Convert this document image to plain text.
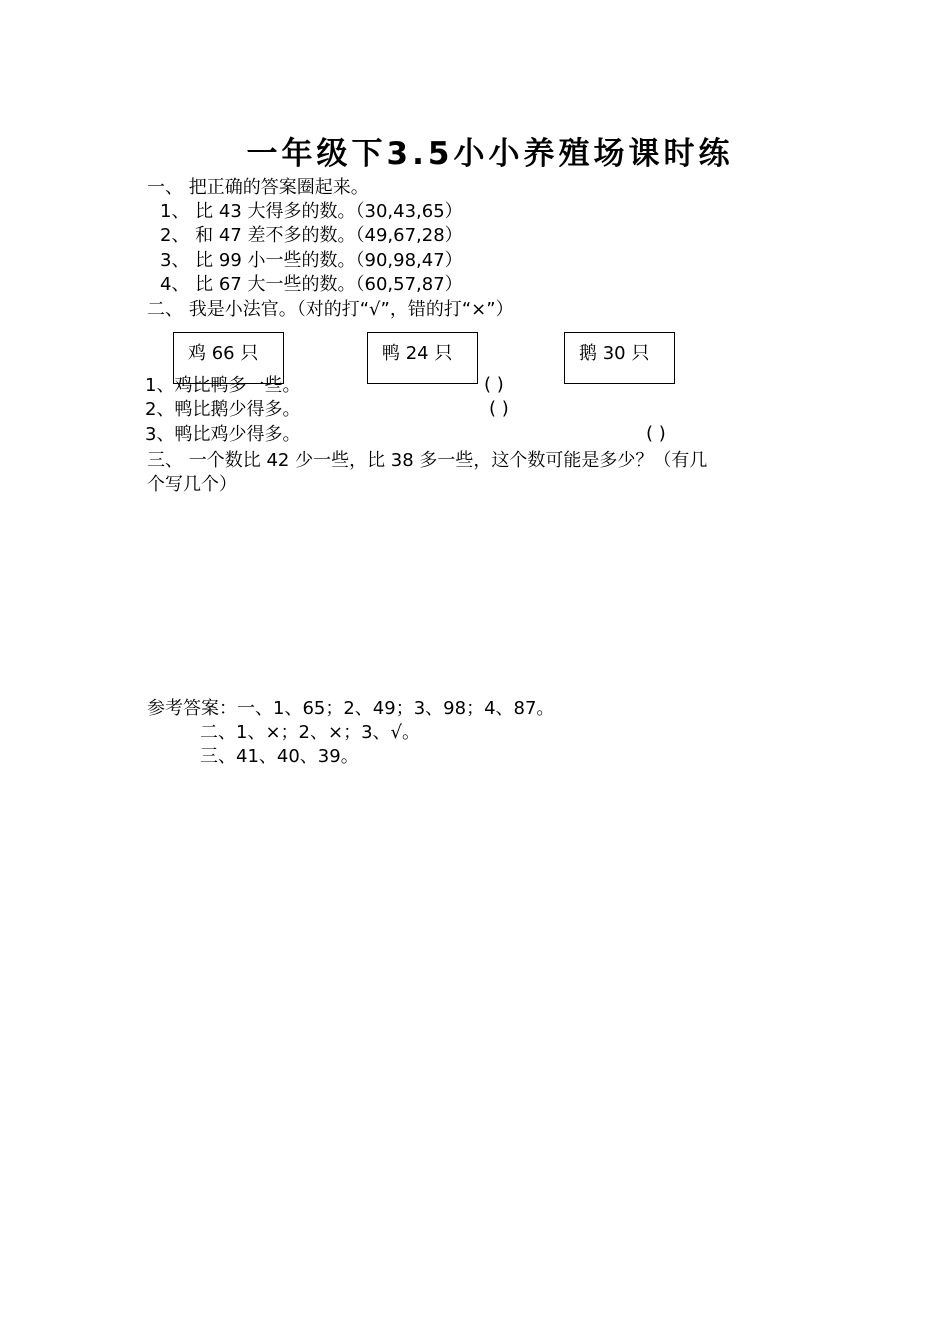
一年级下3.5小小养殖场课时练
一、 把正确的答案圈起来。
1、 比 43 大得多的数。（30,43,65）
2、 和 47 差不多的数。（49,67,28）
3、 比 99 小一些的数。（90,98,47）
4、 比 67 大一些的数。（60,57,87）
二、 我是小法官。（对的打“√”，错的打“×”）
鸡 66 只	鸭 24 只	鹅 30 只
1、鸡比鸭多一些。	( )
2、鸭比鹅少得多。	( )
3、鸭比鸡少得多。	( )
三、 一个数比 42 少一些，比 38 多一些，这个数可能是多少？（有几
个写几个）
参考答案：一、1、65；2、49；3、98；4、87。
二、1、×；2、×；3、√。
三、41、40、39。
